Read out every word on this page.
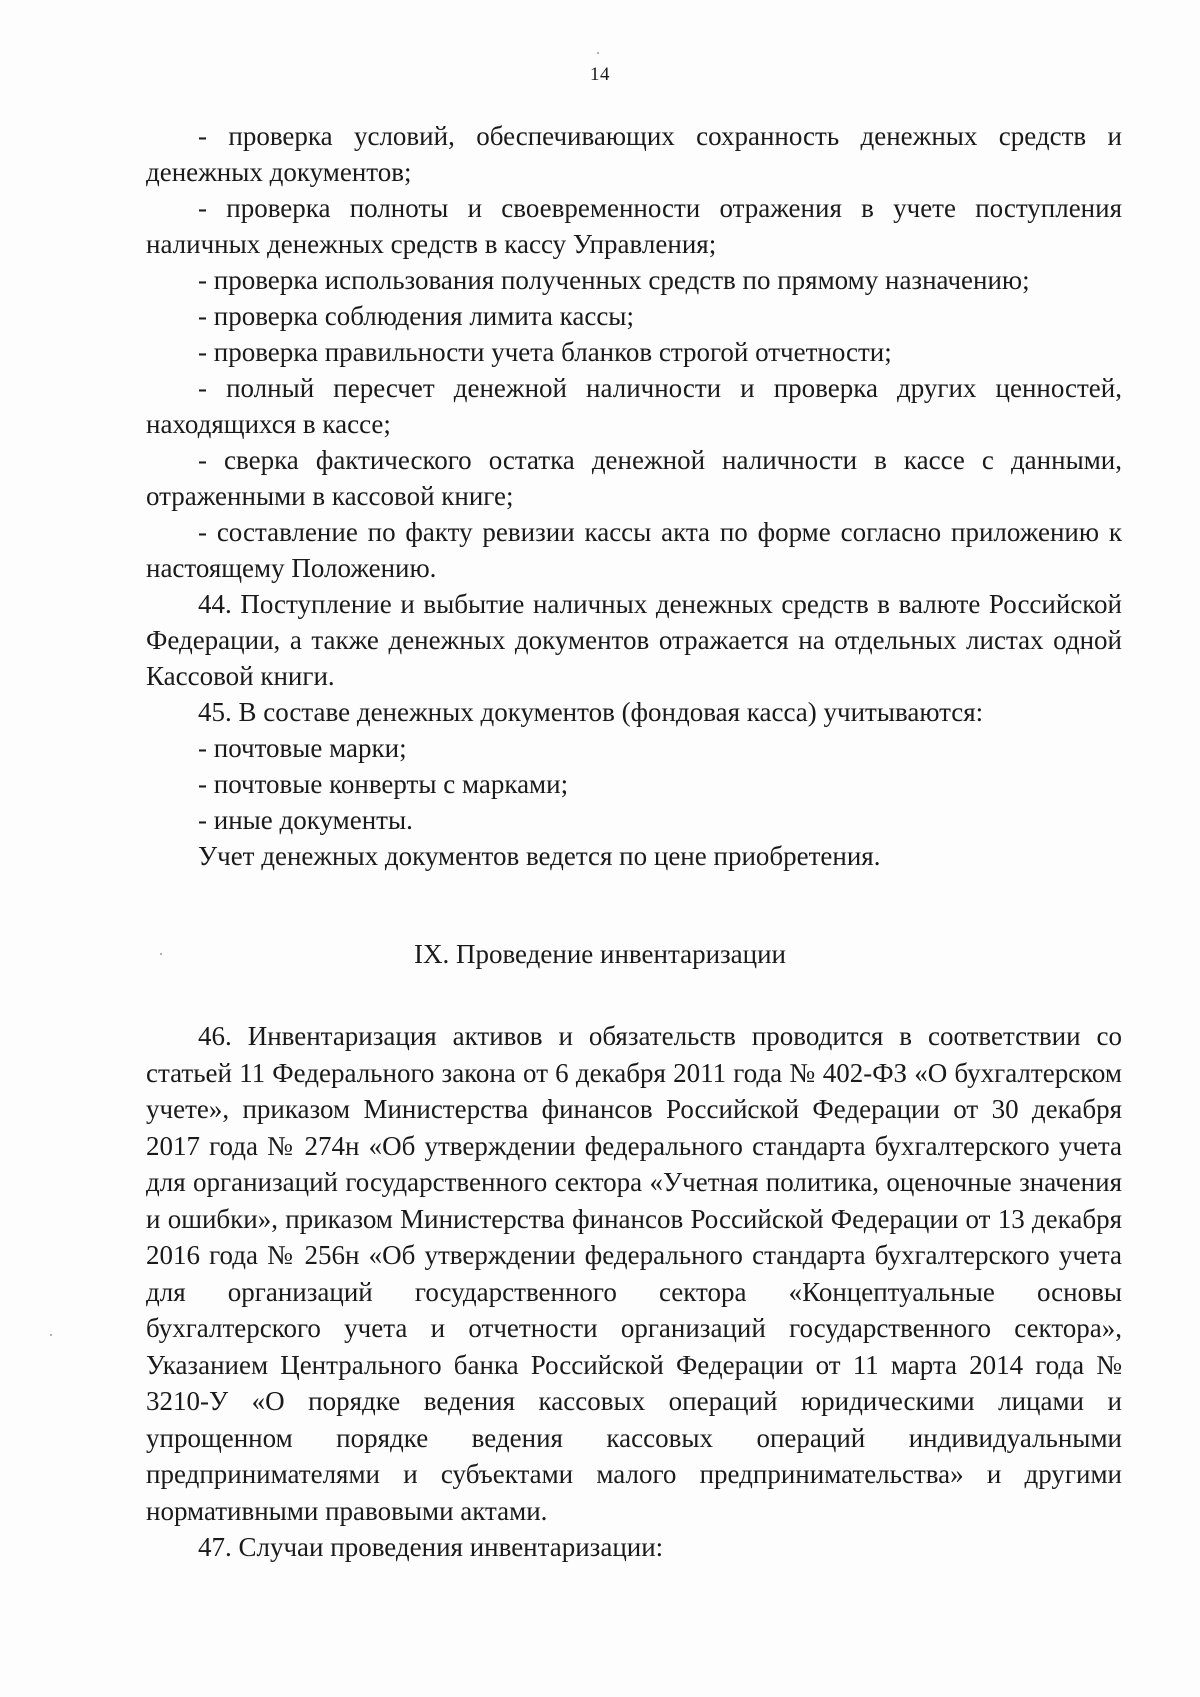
14

- проверка условий, обеспечивающих сохранность денежных средств и денежных документов;

- проверка полноты и своевременности отражения в учете поступления наличных денежных средств в кассу Управления;

- проверка использования полученных средств по прямому назначению;

- проверка соблюдения лимита кассы;

- проверка правильности учета бланков строгой отчетности;

- полный пересчет денежной наличности и проверка других ценностей, находящихся в кассе;

- сверка фактического остатка денежной наличности в кассе с данными, отраженными в кассовой книге;

- составление по факту ревизии кассы акта по форме согласно приложению к настоящему Положению.

44. Поступление и выбытие наличных денежных средств в валюте Российской Федерации, а также денежных документов отражается на отдельных листах одной Кассовой книги.

45. В составе денежных документов (фондовая касса) учитываются:

- почтовые марки;

- почтовые конверты с марками;

- иные документы.

Учет денежных документов ведется по цене приобретения.

IX. Проведение инвентаризации

46. Инвентаризация активов и обязательств проводится в соответствии со статьей 11 Федерального закона от 6 декабря 2011 года № 402-ФЗ «О бухгалтерском учете», приказом Министерства финансов Российской Федерации от 30 декабря 2017 года № 274н «Об утверждении федерального стандарта бухгалтерского учета для организаций государственного сектора «Учетная политика, оценочные значения и ошибки», приказом Министерства финансов Российской Федерации от 13 декабря 2016 года № 256н «Об утверждении федерального стандарта бухгалтерского учета для организаций государственного сектора «Концептуальные основы бухгалтерского учета и отчетности организаций государственного сектора», Указанием Центрального банка Российской Федерации от 11 марта 2014 года № 3210-У «О порядке ведения кассовых операций юридическими лицами и упрощенном порядке ведения кассовых операций индивидуальными предпринимателями и субъектами малого предпринимательства» и другими нормативными правовыми актами.

47. Случаи проведения инвентаризации:
